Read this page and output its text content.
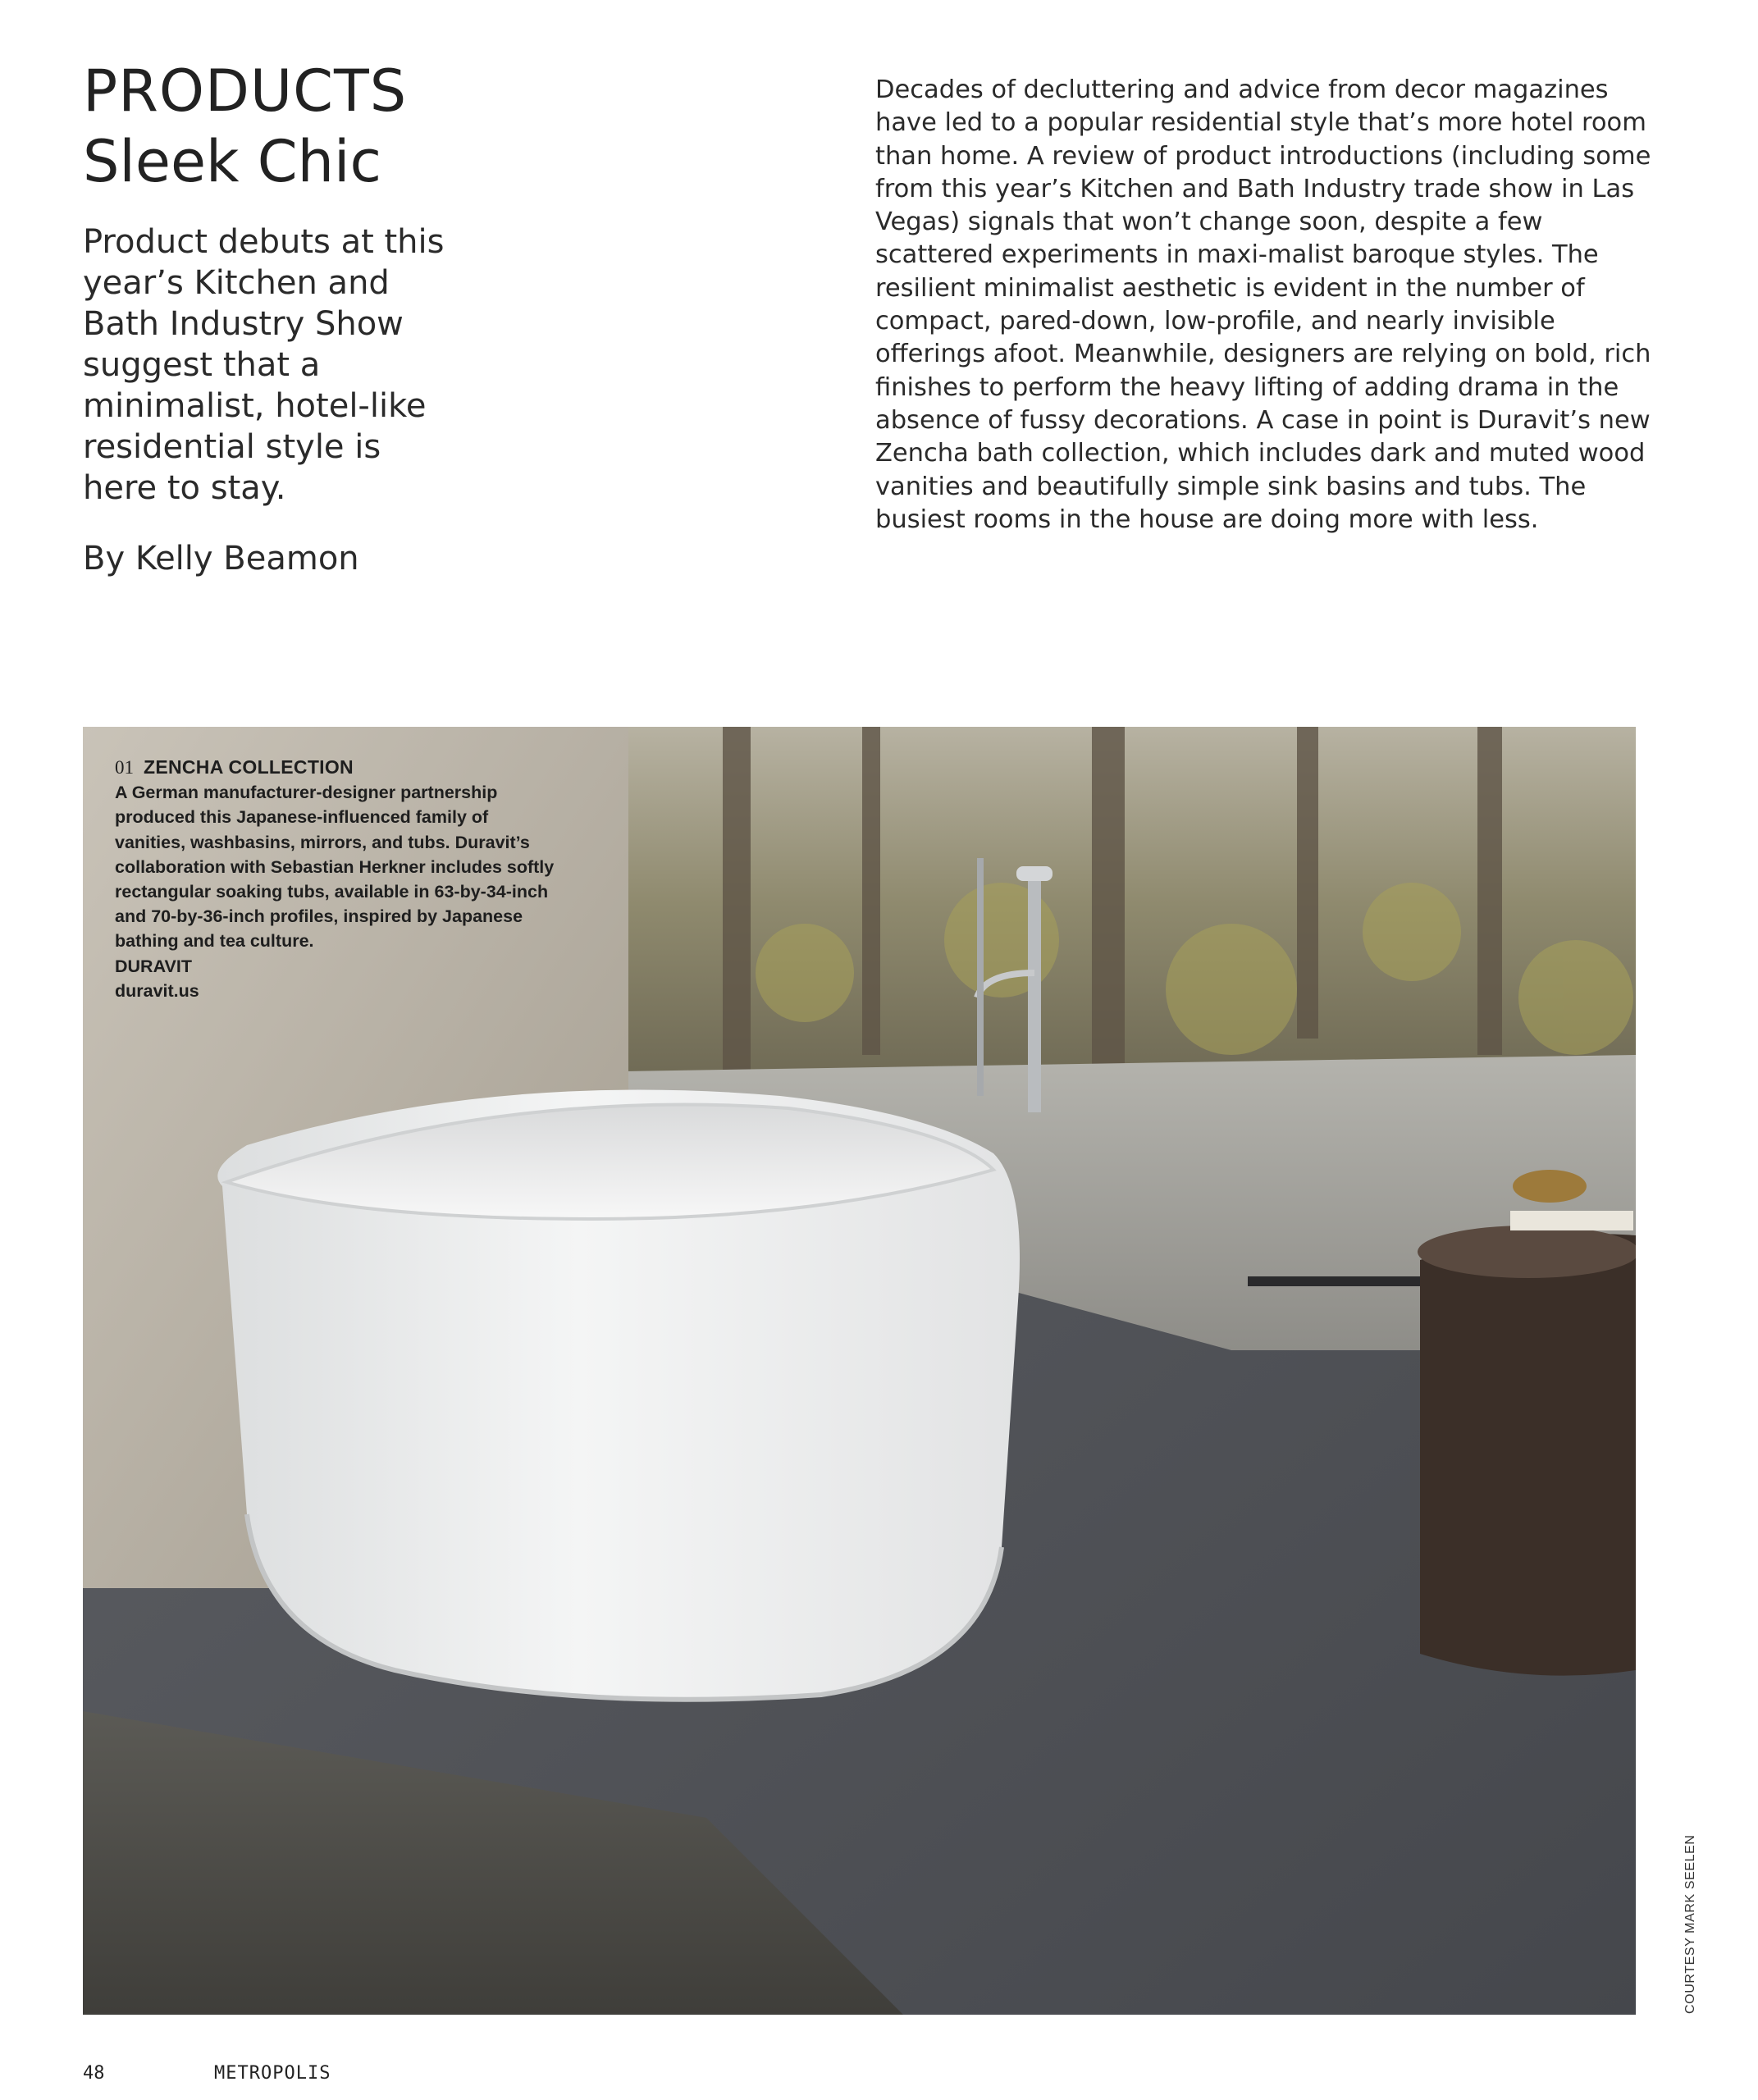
PRODUCTS
Sleek Chic

Product debuts at this year’s Kitchen and Bath Industry Show suggest that a minimalist, hotel-like residential style is here to stay.

By Kelly Beamon

Decades of decluttering and advice from decor magazines have led to a popular residential style that’s more hotel room than home. A review of product introductions (including some from this year’s Kitchen and Bath Industry trade show in Las Vegas) signals that won’t change soon, despite a few scattered experiments in maxi-malist baroque styles. The resilient minimalist aesthetic is evident in the number of compact, pared-down, low-profile, and nearly invisible offerings afoot. Meanwhile, designers are relying on bold, rich finishes to perform the heavy lifting of adding drama in the absence of fussy decorations. A case in point is Duravit’s new Zencha bath collection, which includes dark and muted wood vanities and beautifully simple sink basins and tubs. The busiest rooms in the house are doing more with less.

01 ZENCHA COLLECTION

A German manufacturer-designer partnership produced this Japanese-influenced family of vanities, washbasins, mirrors, and tubs. Duravit’s collaboration with Sebastian Herkner includes softly rectangular soaking tubs, available in 63-by-34-inch and 70-by-36-inch profiles, inspired by Japanese bathing and tea culture.

DURAVIT

duravit.us

COURTESY MARK SEELEN
48	METROPOLIS
